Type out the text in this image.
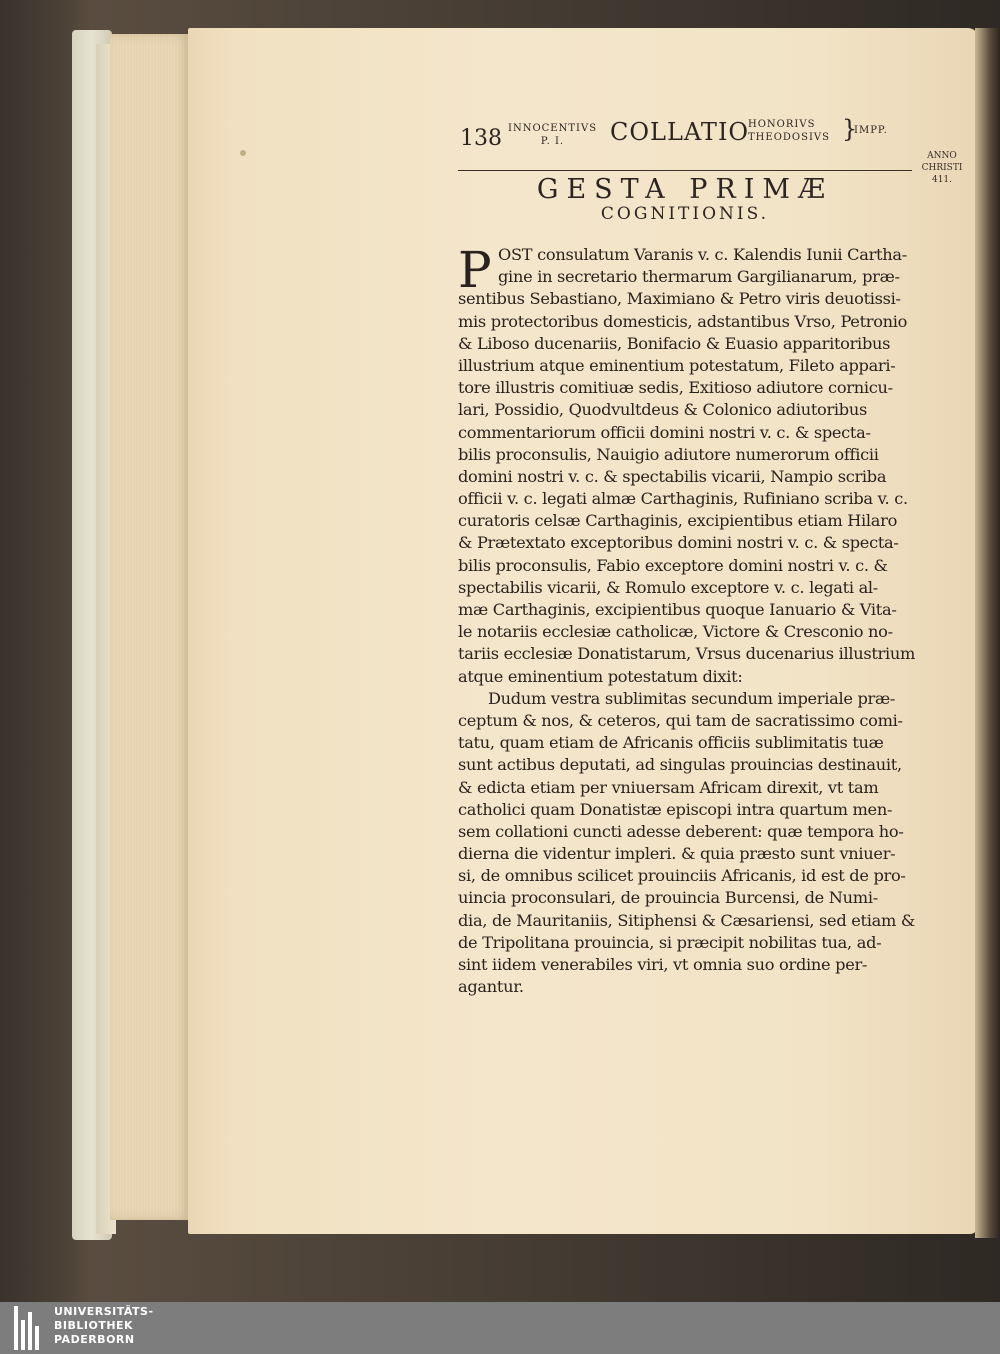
138 INNOCENTIVS
P. I.	COLLATIO
HONORIVS
THEODOSIVS }
IMPP.
ANNO
CHRISTI
411.
GESTA PRIMÆ
COGNITIONIS.
P OST consulatum Varanis v. c. Kalendis Iunii Cartha-
gine in secretario thermarum Gargilianarum, præ-
sentibus Sebastiano, Maximiano & Petro viris deuotissi-
mis protectoribus domesticis, adstantibus Vrso, Petronio
& Liboso ducenariis, Bonifacio & Euasio apparitoribus
illustrium atque eminentium potestatum, Fileto appari-
tore illustris comitiuæ sedis, Exitioso adiutore cornicu-
lari, Possidio, Quodvultdeus & Colonico adiutoribus
commentariorum officii domini nostri v. c. & specta-
bilis proconsulis, Nauigio adiutore numerorum officii
domini nostri v. c. & spectabilis vicarii, Nampio scriba
officii v. c. legati almæ Carthaginis, Rufiniano scriba v. c.
curatoris celsæ Carthaginis, excipientibus etiam Hilaro
& Prætextato exceptoribus domini nostri v. c. & specta-
bilis proconsulis, Fabio exceptore domini nostri v. c. &
spectabilis vicarii, & Romulo exceptore v. c. legati al-
mæ Carthaginis, excipientibus quoque Ianuario & Vita-
le notariis ecclesiæ catholicæ, Victore & Cresconio no-
tariis ecclesiæ Donatistarum, Vrsus ducenarius illustrium
atque eminentium potestatum dixit:
Dudum vestra sublimitas secundum imperiale præ-
ceptum & nos, & ceteros, qui tam de sacratissimo comi-
tatu, quam etiam de Africanis officiis sublimitatis tuæ
sunt actibus deputati, ad singulas prouincias destinauit,
& edicta etiam per vniuersam Africam direxit, vt tam
catholici quam Donatistæ episcopi intra quartum men-
sem collationi cuncti adesse deberent: quæ tempora ho-
dierna die videntur impleri. & quia præsto sunt vniuer-
si, de omnibus scilicet prouinciis Africanis, id est de pro-
uincia proconsulari, de prouincia Burcensi, de Numi-
dia, de Mauritaniis, Sitiphensi & Cæsariensi, sed etiam &
de Tripolitana prouincia, si præcipit nobilitas tua, ad-
sint iidem venerabiles viri, vt omnia suo ordine per-
agantur.
UNIVERSITÄTS-
BIBLIOTHEK
PADERBORN
